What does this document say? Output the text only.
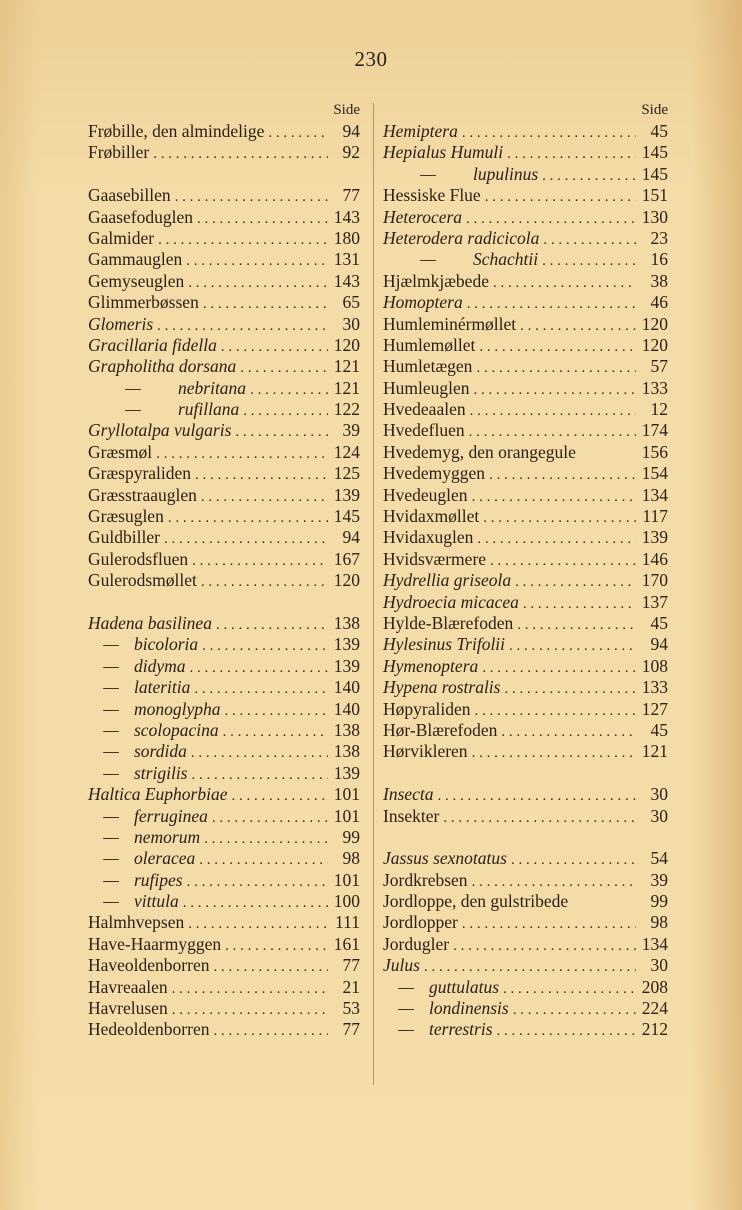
230
Side
Frøbille, den almindelige . . .	94
Frøbiller . . .	92
Gaasebillen . . .	77
Gaasefoduglen . . .	143
Galmider . . .	180
Gammauglen . . .	131
Gemyseuglen . . .	143
Glimmerbøssen . . .	65
Glomeris . . .	30
Gracillaria fidella . . .	120
Grapholitha dorsana . . .	121
— nebritana . . .	121
— rufillana . . .	122
Gryllotalpa vulgaris . . .	39
Græsmøl . . .	124
Græspyraliden . . .	125
Græsstraauglen . . .	139
Græsuglen . . .	145
Guldbiller . . .	94
Gulerodsfluen . . .	167
Gulerodsmøllet . . .	120
Hadena basilinea . . .	138
— bicoloria . . .	139
— didyma . . .	139
— lateritia . . .	140
— monoglypha . . .	140
— scolopacina . . .	138
— sordida . . .	138
— strigilis . . .	139
Haltica Euphorbiae . . .	101
— ferruginea . . .	101
— nemorum . . .	99
— oleracea . . .	98
— rufipes . . .	101
— vittula . . .	100
Halmhvepsen . . .	111
Have-Haarmyggen . . .	161
Haveoldenborren . . .	77
Havreaalen . . .	21
Havrelusen . . .	53
Hedeoldenborren . . .	77
Side
Hemiptera . . .	45
Hepialus Humuli . . .	145
— lupulinus . . .	145
Hessiske Flue . . .	151
Heterocera . . .	130
Heterodera radicicola . . .	23
— Schachtii . . .	16
Hjælmkjæbede . . .	38
Homoptera . . .	46
Humleminérmøllet . . .	120
Humlemøllet . . .	120
Humletægen . . .	57
Humleuglen . . .	133
Hvedeaalen . . .	12
Hvedefluen . . .	174
Hvedemyg, den orangegule	156
Hvedemyggen . . .	154
Hvedeuglen . . .	134
Hvidaxmøllet . . .	117
Hvidaxuglen . . .	139
Hvidsværmere . . .	146
Hydrellia griseola . . .	170
Hydroecia micacea . . .	137
Hylde-Blærefoden . . .	45
Hylesinus Trifolii . . .	94
Hymenoptera . . .	108
Hypena rostralis . . .	133
Høpyraliden . . .	127
Hør-Blærefoden . . .	45
Hørvikleren . . .	121
Insecta . . .	30
Insekter . . .	30
Jassus sexnotatus . . .	54
Jordkrebsen . . .	39
Jordloppe, den gulstribede	99
Jordlopper . . .	98
Jordugler . . .	134
Julus . . .	30
— guttulatus . . .	208
— londinensis . . .	224
— terrestris . . .	212
